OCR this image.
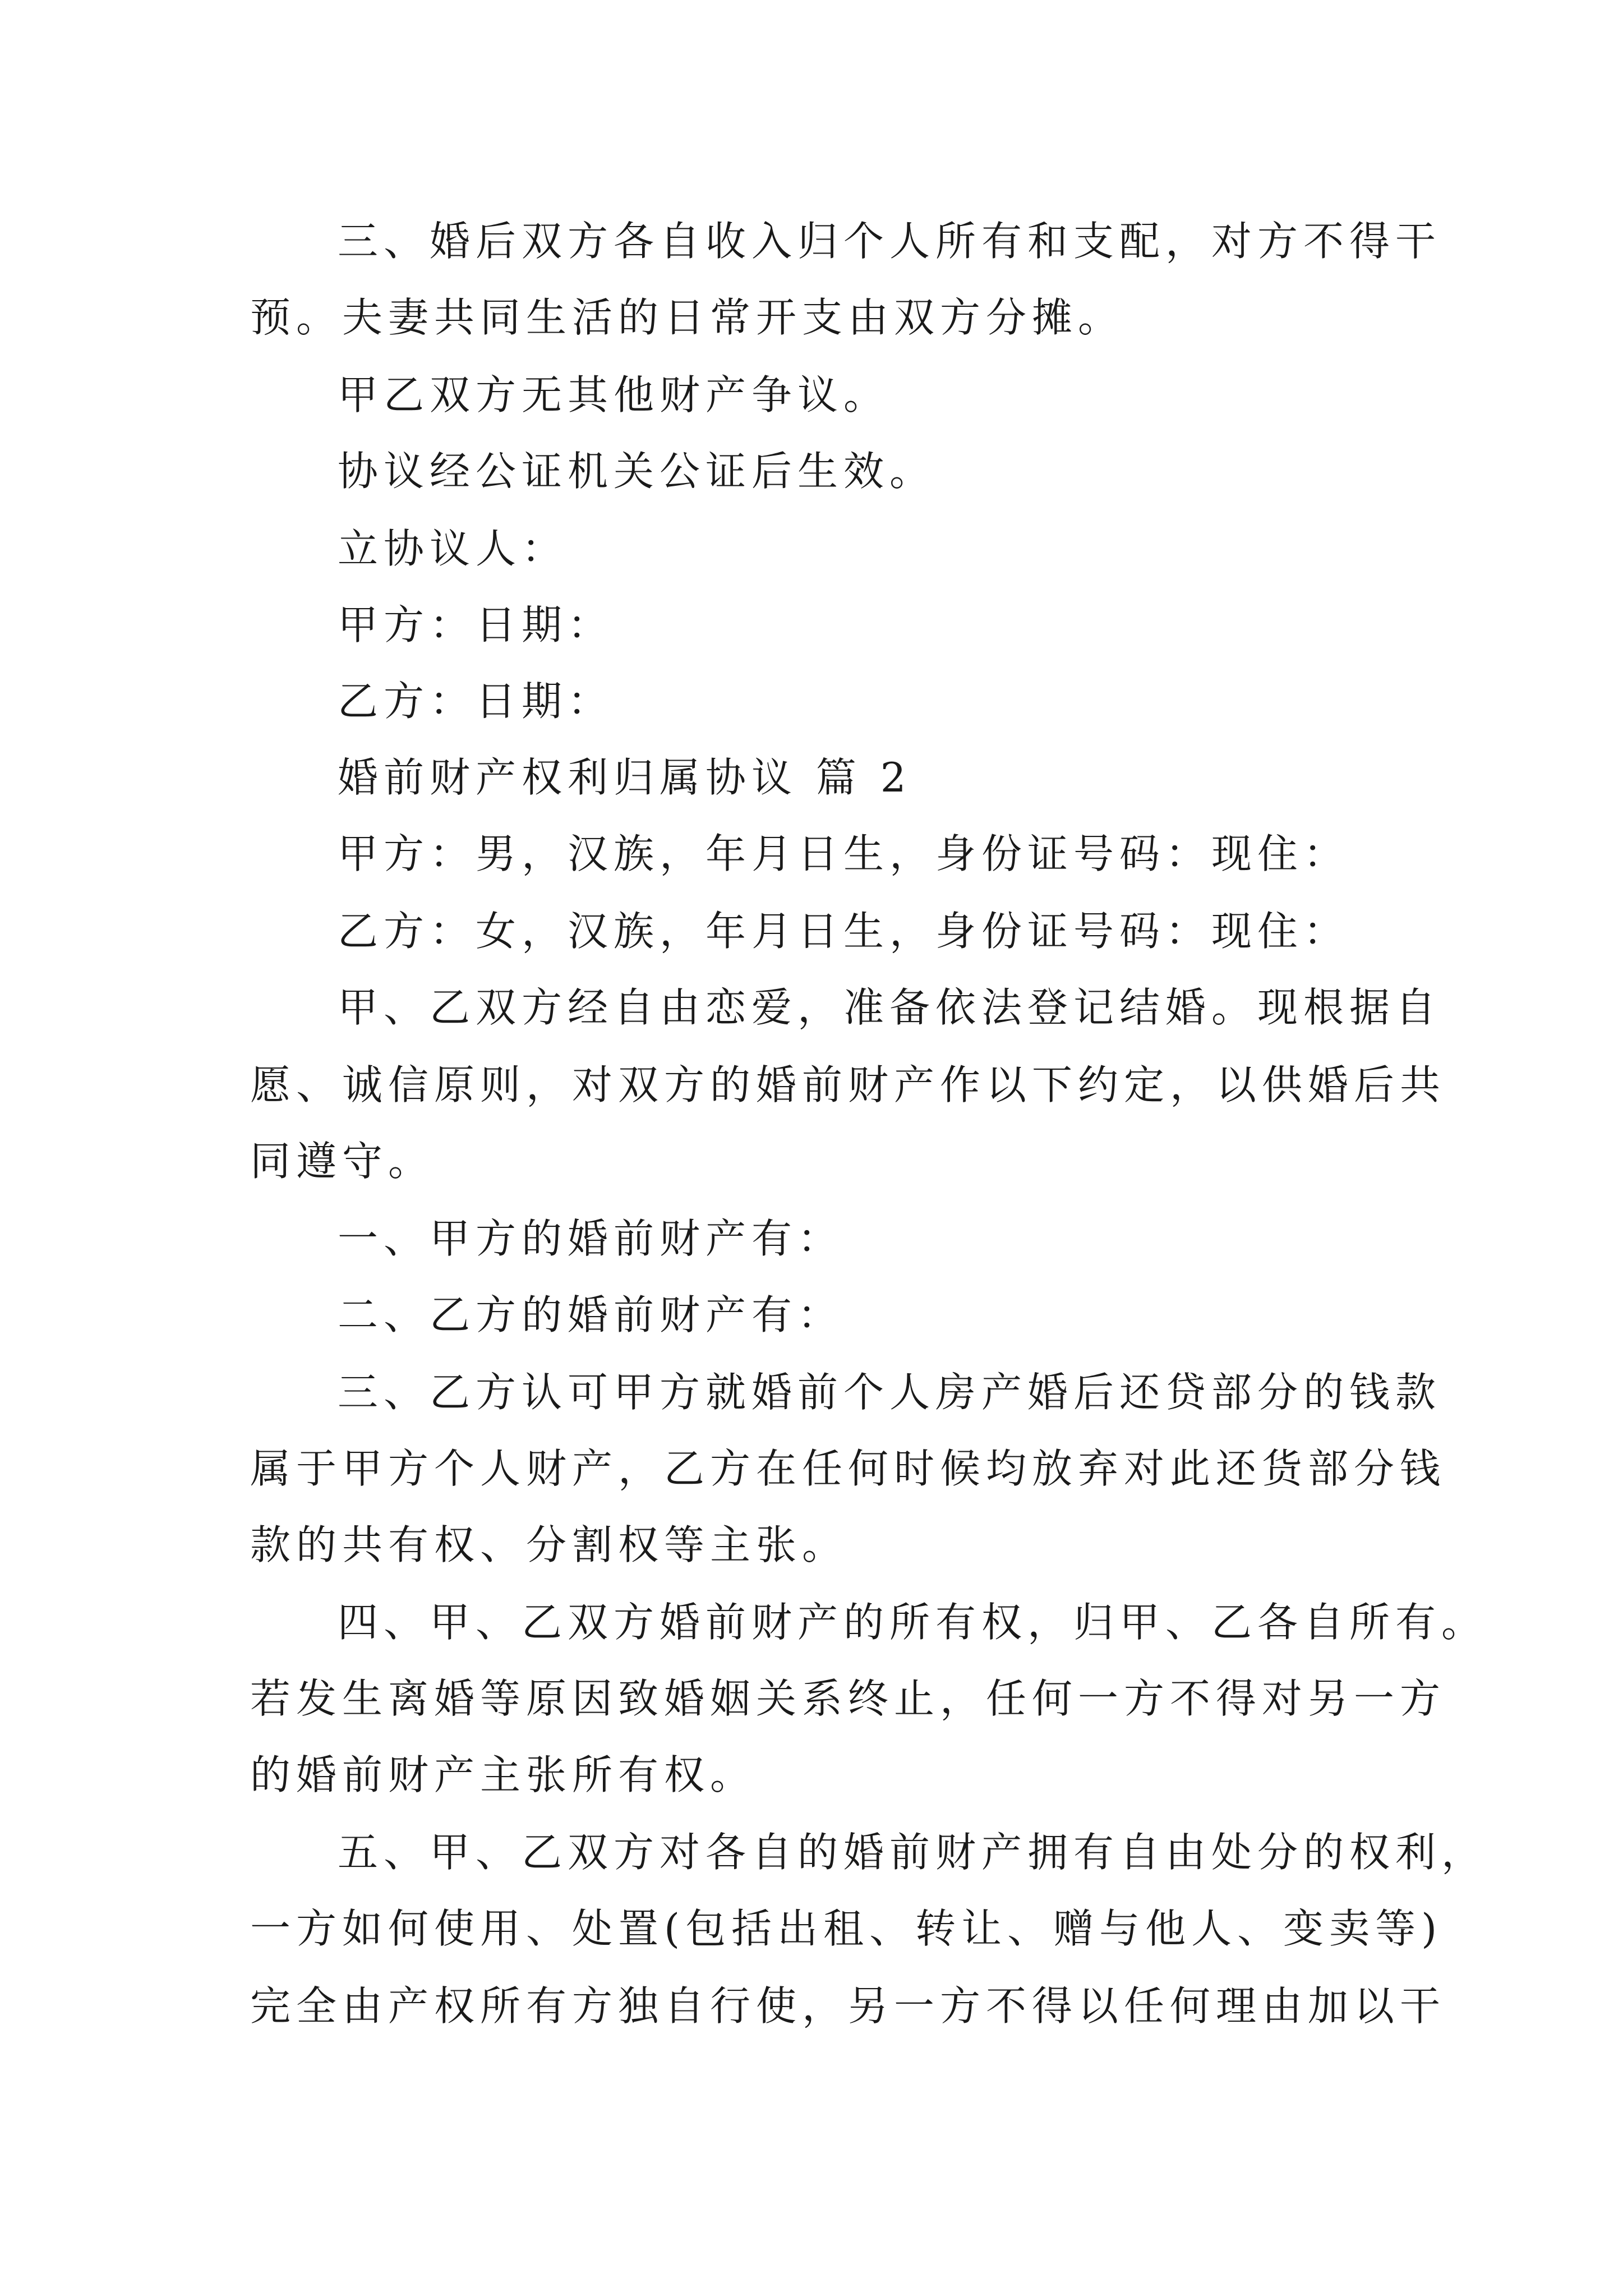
三、婚后双方各自收入归个人所有和支配，对方不得干
预。夫妻共同生活的日常开支由双方分摊。
甲乙双方无其他财产争议。
协议经公证机关公证后生效。
立协议人：
甲方：日期：
乙方：日期：
婚前财产权利归属协议 篇 2
甲方：男，汉族，年月日生，身份证号码：现住：
乙方：女，汉族，年月日生，身份证号码：现住：
甲、乙双方经自由恋爱，准备依法登记结婚。现根据自
愿、诚信原则，对双方的婚前财产作以下约定，以供婚后共
同遵守。
一、甲方的婚前财产有：
二、乙方的婚前财产有：
三、乙方认可甲方就婚前个人房产婚后还贷部分的钱款
属于甲方个人财产，乙方在任何时候均放弃对此还货部分钱
款的共有权、分割权等主张。
四、甲、乙双方婚前财产的所有权，归甲、乙各自所有。
若发生离婚等原因致婚姻关系终止，任何一方不得对另一方
的婚前财产主张所有权。
五、甲、乙双方对各自的婚前财产拥有自由处分的权利，
一方如何使用、处置(包括出租、转让、赠与他人、变卖等)
完全由产权所有方独自行使，另一方不得以任何理由加以干
